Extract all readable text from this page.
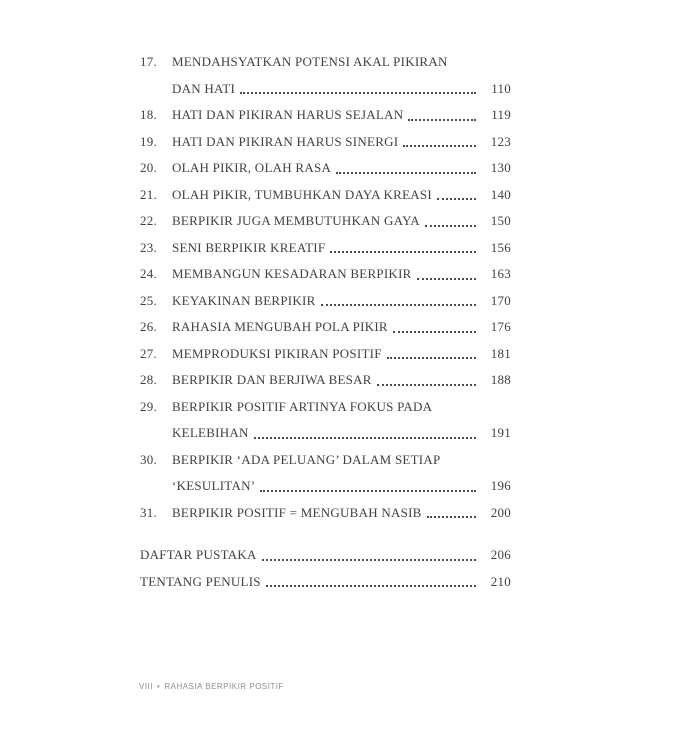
17.	MENDAHSYATKAN POTENSI AKAL PIKIRAN
DAN HATI	110
18.	HATI DAN PIKIRAN HARUS SEJALAN	119
19.	HATI DAN PIKIRAN HARUS SINERGI	123
20.	OLAH PIKIR, OLAH RASA	130
21.	OLAH PIKIR, TUMBUHKAN DAYA KREASI	140
22.	BERPIKIR JUGA MEMBUTUHKAN GAYA	150
23.	SENI BERPIKIR KREATIF	156
24.	MEMBANGUN KESADARAN BERPIKIR	163
25.	KEYAKINAN BERPIKIR	170
26.	RAHASIA MENGUBAH POLA PIKIR	176
27.	MEMPRODUKSI PIKIRAN POSITIF	181
28.	BERPIKIR DAN BERJIWA BESAR	188
29.	BERPIKIR POSITIF ARTINYA FOKUS PADA
KELEBIHAN	191
30.	BERPIKIR ‘ADA PELUANG’ DALAM SETIAP
‘KESULITAN’	196
31.	BERPIKIR POSITIF = MENGUBAH NASIB	200
DAFTAR PUSTAKA	206
TENTANG PENULIS	210
VIII • RAHASIA BERPIKIR POSITIF
